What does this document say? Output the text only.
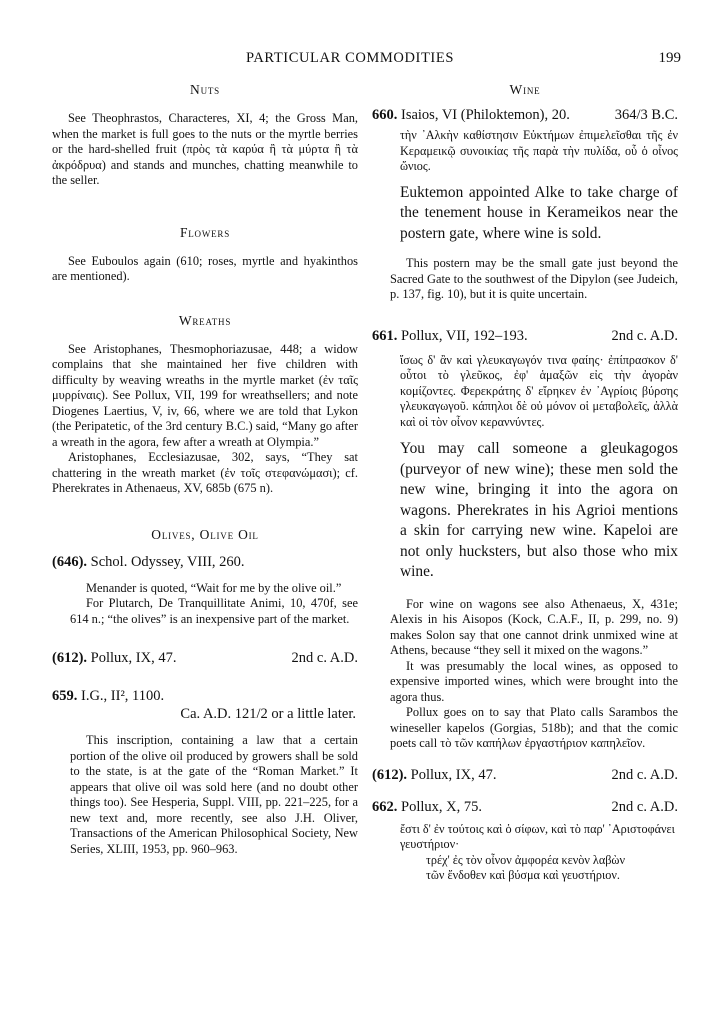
PARTICULAR COMMODITIES	199
Nuts

See Theophrastos, Characteres, XI, 4; the Gross Man, when the market is full goes to the nuts or the myrtle berries or the hard-shelled fruit (πρὸς τὰ καρύα ἢ τὰ μύρτα ἢ τὰ ἀκρόδρυα) and stands and munches, chatting meanwhile to the seller.

Flowers

See Euboulos again (610; roses, myrtle and hyakinthos are mentioned).

Wreaths

See Aristophanes, Thesmophoriazusae, 448; a widow complains that she maintained her five children with difficulty by weaving wreaths in the myrtle market (ἐν ταῖς μυρρίναις). See Pollux, VII, 199 for wreathsellers; and note Diogenes Laertius, V, iv, 66, where we are told that Lykon (the Peripatetic, of the 3rd century B.C.) said, “Many go after a wreath in the agora, few after a wreath at Olympia.”

Aristophanes, Ecclesiazusae, 302, says, “They sat chattering in the wreath market (ἐν τοῖς στεφανώμασι); cf. Pherekrates in Athenaeus, XV, 685b (675 n).

Olives, Olive Oil
(646). Schol. Odyssey, VIII, 260.

Menander is quoted, “Wait for me by the olive oil.”

For Plutarch, De Tranquillitate Animi, 10, 470f, see 614 n.; “the olives” is an inexpensive part of the market.

(612). Pollux, IX, 47.	2nd c. A.D.
659. I.G., II², 1100.
Ca. A.D. 121/2 or a little later.

This inscription, containing a law that a certain portion of the olive oil produced by growers shall be sold to the state, is at the gate of the “Roman Market.” It appears that olive oil was sold here (and no doubt other things too). See Hesperia, Suppl. VIII, pp. 221–225, for a new text and, more recently, see also J.H. Oliver, Transactions of the American Philosophical Society, New Series, XLIII, 1953, pp. 960–963.

Wine
660. Isaios, VI (Philoktemon), 20.	364/3 B.C.

τὴν ᾿Αλκὴν καθίστησιν Εὐκτήμων ἐπιμελεῖσθαι τῆς ἐν Κεραμεικῷ συνοικίας τῆς παρὰ τὴν πυλίδα, οὗ ὁ οἶνος ὤνιος.

Euktemon appointed Alke to take charge of the tenement house in Kerameikos near the postern gate, where wine is sold.

This postern may be the small gate just beyond the Sacred Gate to the southwest of the Dipylon (see Judeich, p. 137, fig. 10), but it is quite uncertain.

661. Pollux, VII, 192–193.	2nd c. A.D.

ἴσως δ' ἂν καὶ γλευκαγωγόν τινα φαίης· ἐπίπρασκον δ' οὗτοι τὸ γλεῦκος, ἐφ' ἁμαξῶν εἰς τὴν ἀγορὰν κομίζοντες. Φερεκράτης δ' εἴρηκεν ἐν ᾿Αγρίοις βύρσης γλευκαγωγοῦ. κάπηλοι δὲ οὐ μόνον οἱ μεταβολεῖς, ἀλλὰ καὶ οἱ τὸν οἶνον κεραννύντες.

You may call someone a gleukagogos (purveyor of new wine); these men sold the new wine, bringing it into the agora on wagons. Pherekrates in his Agrioi mentions a skin for carrying new wine. Kapeloi are not only hucksters, but also those who mix wine.

For wine on wagons see also Athenaeus, X, 431e; Alexis in his Aisopos (Kock, C.A.F., II, p. 299, no. 9) makes Solon say that one cannot drink unmixed wine at Athens, because “they sell it mixed on the wagons.”

It was presumably the local wines, as opposed to expensive imported wines, which were brought into the agora thus.

Pollux goes on to say that Plato calls Sarambos the wineseller kapelos (Gorgias, 518b); and that the comic poets call τὸ τῶν καπήλων ἐργαστήριον καπηλεῖον.

(612). Pollux, IX, 47.	2nd c. A.D.
662. Pollux, X, 75.	2nd c. A.D.

ἔστι δ' ἐν τούτοις καὶ ὁ σίφων, καὶ τὸ παρ' ᾿Αριστοφάνει γευστήριον·

τρέχ' ἐς τὸν οἶνον ἀμφορέα κενὸν λαβὼν

τῶν ἔνδοθεν καὶ βύσμα καὶ γευστήριον.
